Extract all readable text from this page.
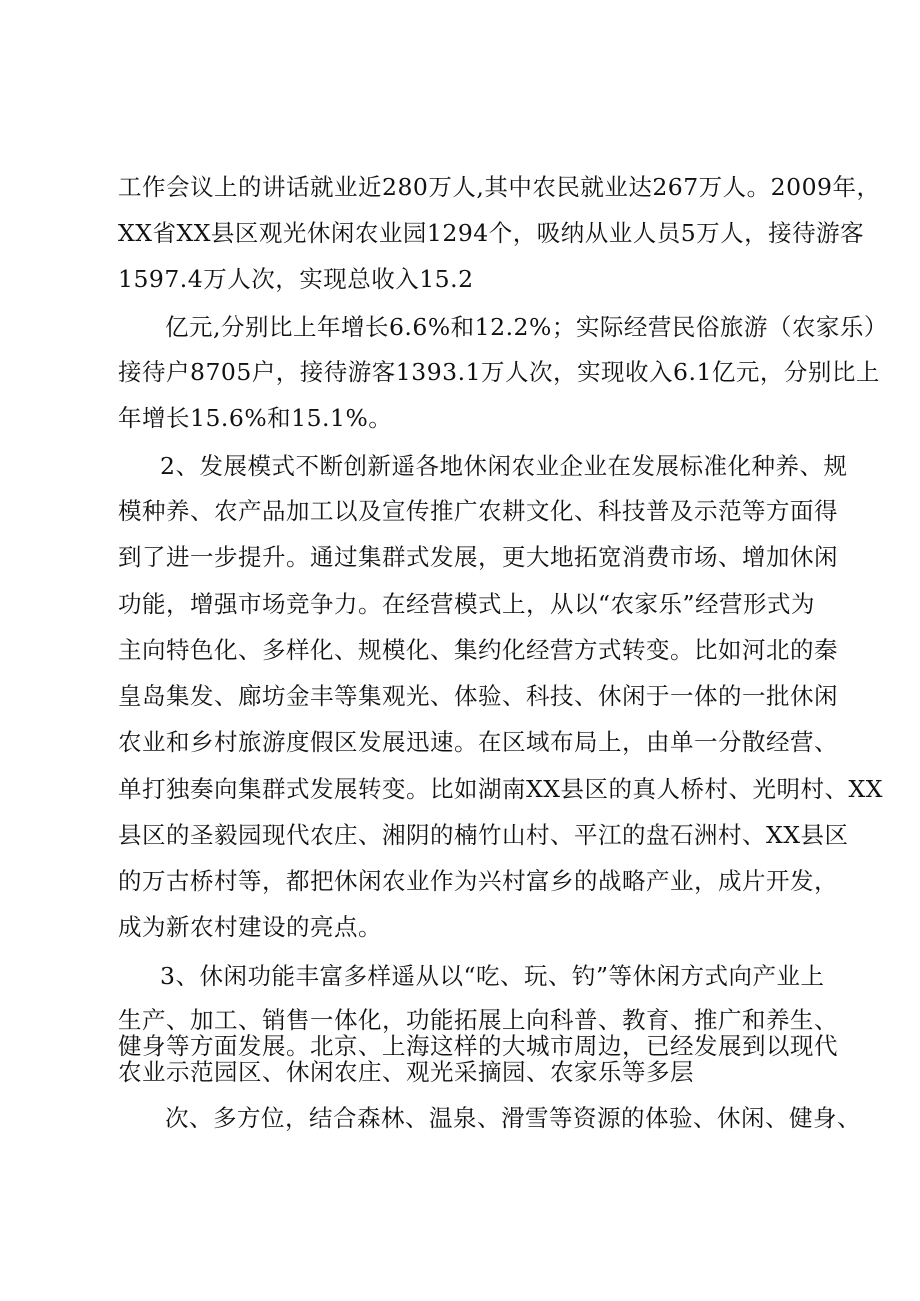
工作会议上的讲话就业近280万人,其中农民就业达267万人。2009年，
XX省XX县区观光休闲农业园1294个，吸纳从业人员5万人，接待游客
1597.4万人次，实现总收入15.2
亿元,分别比上年增长6.6%和12.2%；实际经营民俗旅游（农家乐）
接待户8705户，接待游客1393.1万人次，实现收入6.1亿元，分别比上
年增长15.6%和15.1%。
2、发展模式不断创新遥各地休闲农业企业在发展标准化种养、规
模种养、农产品加工以及宣传推广农耕文化、科技普及示范等方面得
到了进一步提升。通过集群式发展，更大地拓宽消费市场、增加休闲
功能，增强市场竞争力。在经营模式上，从以“农家乐”经营形式为
主向特色化、多样化、规模化、集约化经营方式转变。比如河北的秦
皇岛集发、廊坊金丰等集观光、体验、科技、休闲于一体的一批休闲
农业和乡村旅游度假区发展迅速。在区域布局上，由单一分散经营、
单打独奏向集群式发展转变。比如湖南XX县区的真人桥村、光明村、XX
县区的圣毅园现代农庄、湘阴的楠竹山村、平江的盘石洲村、XX县区
的万古桥村等，都把休闲农业作为兴村富乡的战略产业，成片开发，
成为新农村建设的亮点。
3、休闲功能丰富多样遥从以“吃、玩、钓”等休闲方式向产业上
生产、加工、销售一体化，功能拓展上向科普、教育、推广和养生、
健身等方面发展。北京、上海这样的大城市周边，已经发展到以现代
农业示范园区、休闲农庄、观光采摘园、农家乐等多层
次、多方位，结合森林、温泉、滑雪等资源的体验、休闲、健身、
